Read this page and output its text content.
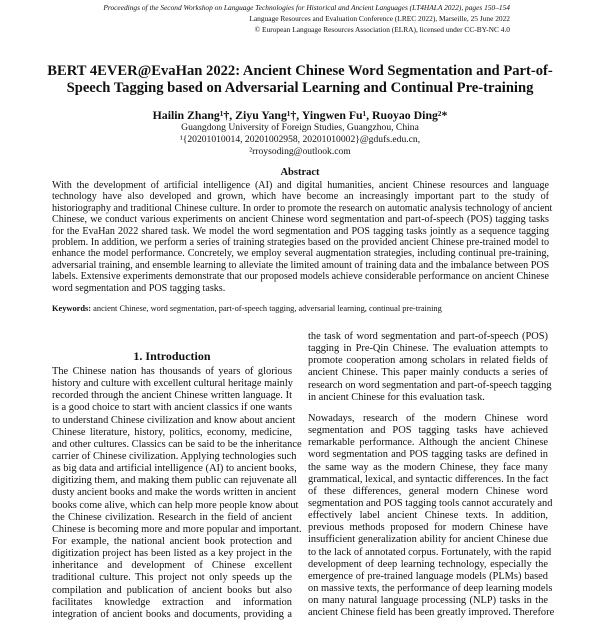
Proceedings of the Second Workshop on Language Technologies for Historical and Ancient Languages (LT4HALA 2022), pages 150–154
Language Resources and Evaluation Conference (LREC 2022), Marseille, 25 June 2022
© European Language Resources Association (ELRA), licensed under CC-BY-NC 4.0
BERT 4EVER@EvaHan 2022: Ancient Chinese Word Segmentation and Part-of-
Speech Tagging based on Adversarial Learning and Continual Pre-training
Hailin Zhang¹†, Ziyu Yang¹†, Yingwen Fu¹, Ruoyao Ding²*
Guangdong University of Foreign Studies, Guangzhou, China
¹{20201010014, 20201002958, 20201010002}@gdufs.edu.cn,
²rroysoding@outlook.com
Abstract
With the development of artificial intelligence (AI) and digital humanities, ancient Chinese resources and language
technology have also developed and grown, which have become an increasingly important part to the study of
historiography and traditional Chinese culture. In order to promote the research on automatic analysis technology of ancient
Chinese, we conduct various experiments on ancient Chinese word segmentation and part-of-speech (POS) tagging tasks
for the EvaHan 2022 shared task. We model the word segmentation and POS tagging tasks jointly as a sequence tagging
problem. In addition, we perform a series of training strategies based on the provided ancient Chinese pre-trained model to
enhance the model performance. Concretely, we employ several augmentation strategies, including continual pre-training,
adversarial training, and ensemble learning to alleviate the limited amount of training data and the imbalance between POS
labels. Extensive experiments demonstrate that our proposed models achieve considerable performance on ancient Chinese
word segmentation and POS tagging tasks.
Keywords: ancient Chinese, word segmentation, part-of-speech tagging, adversarial learning, continual pre-training
1. Introduction
The Chinese nation has thousands of years of glorious
history and culture with excellent cultural heritage mainly
recorded through the ancient Chinese written language. It
is a good choice to start with ancient classics if one wants
to understand Chinese civilization and know about ancient
Chinese literature, history, politics, economy, medicine,
and other cultures. Classics can be said to be the inheritance
carrier of Chinese civilization. Applying technologies such
as big data and artificial intelligence (AI) to ancient books,
digitizing them, and making them public can rejuvenate all
dusty ancient books and make the words written in ancient
books come alive, which can help more people know about
the Chinese civilization. Research in the field of ancient
Chinese is becoming more and more popular and important.
For example, the national ancient book protection and
digitization project has been listed as a key project in the
inheritance and development of Chinese excellent
traditional culture. This project not only speeds up the
compilation and publication of ancient books but also
facilitates knowledge extraction and information
integration of ancient books and documents, providing a
the task of word segmentation and part-of-speech (POS)
tagging in Pre-Qin Chinese. The evaluation attempts to
promote cooperation among scholars in related fields of
ancient Chinese. This paper mainly conducts a series of
research on word segmentation and part-of-speech tagging
in ancient Chinese for this evaluation task.
Nowadays, research of the modern Chinese word
segmentation and POS tagging tasks have achieved
remarkable performance. Although the ancient Chinese
word segmentation and POS tagging tasks are defined in
the same way as the modern Chinese, they face many
grammatical, lexical, and syntactic differences. In the fact
of these differences, general modern Chinese word
segmentation and POS tagging tools cannot accurately and
effectively label ancient Chinese texts. In addition,
previous methods proposed for modern Chinese have
insufficient generalization ability for ancient Chinese due
to the lack of annotated corpus. Fortunately, with the rapid
development of deep learning technology, especially the
emergence of pre-trained language models (PLMs) based
on massive texts, the performance of deep learning models
on many natural language processing (NLP) tasks in the
ancient Chinese field has been greatly improved. Therefore
